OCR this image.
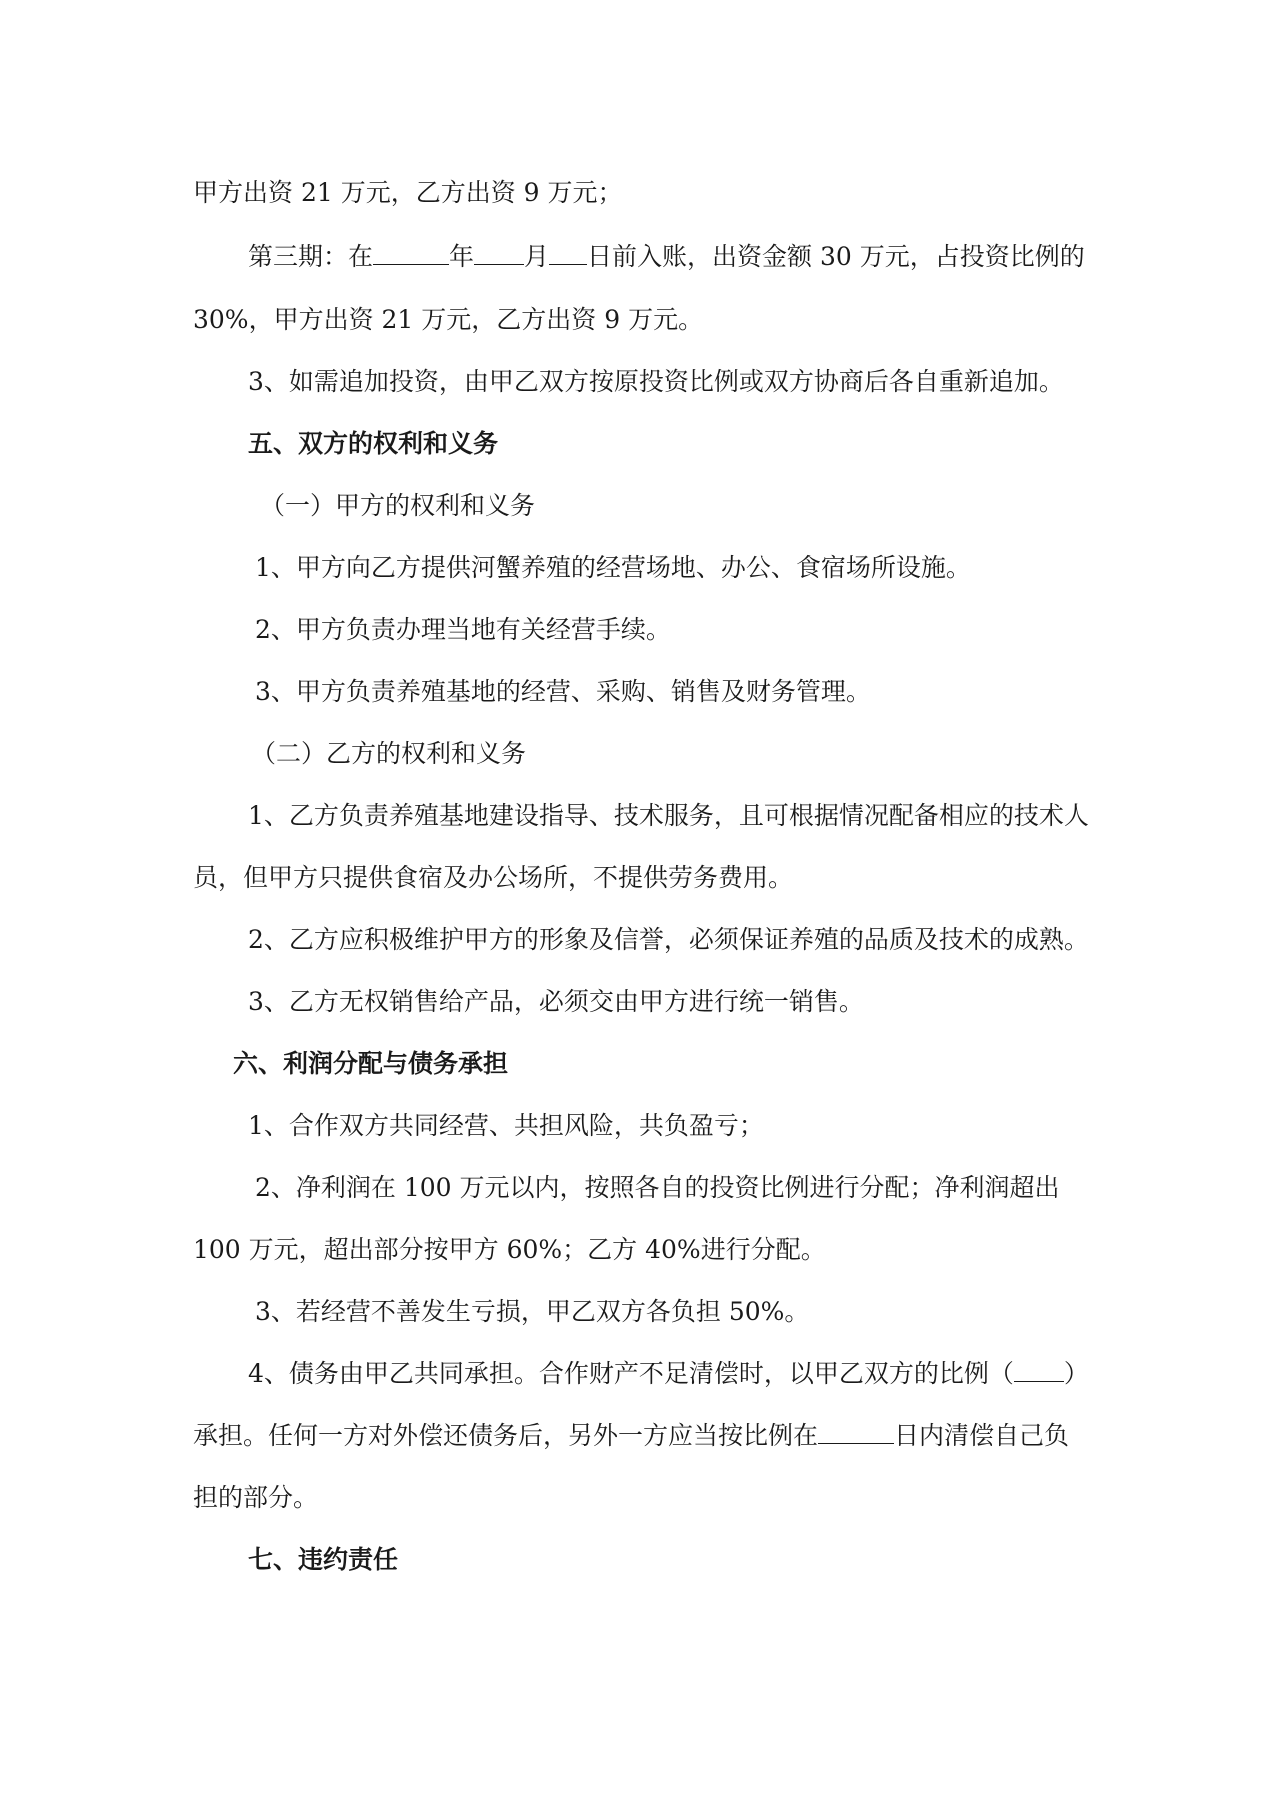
甲方出资 21 万元，乙方出资 9 万元；
第三期：在	年 月 日前入账，出资金额 30 万元，占投资比例的
30%，甲方出资 21 万元，乙方出资 9 万元。
3、如需追加投资，由甲乙双方按原投资比例或双方协商后各自重新追加。
五、双方的权利和义务
（一）甲方的权利和义务
1、甲方向乙方提供河蟹养殖的经营场地、办公、食宿场所设施。
2、甲方负责办理当地有关经营手续。
3、甲方负责养殖基地的经营、采购、销售及财务管理。
（二）乙方的权利和义务
1、乙方负责养殖基地建设指导、技术服务，且可根据情况配备相应的技术人
员，但甲方只提供食宿及办公场所，不提供劳务费用。
2、乙方应积极维护甲方的形象及信誉，必须保证养殖的品质及技术的成熟。
3、乙方无权销售给产品，必须交由甲方进行统一销售。
六、利润分配与债务承担
1、合作双方共同经营、共担风险，共负盈亏；
2、净利润在 100 万元以内，按照各自的投资比例进行分配；净利润超出
100 万元，超出部分按甲方 60%；乙方 40%进行分配。
3、若经营不善发生亏损，甲乙双方各负担 50%。
4、债务由甲乙共同承担。合作财产不足清偿时，以甲乙双方的比例（ ）
承担。任何一方对外偿还债务后，另外一方应当按比例在	日内清偿自己负
担的部分。
七、违约责任
